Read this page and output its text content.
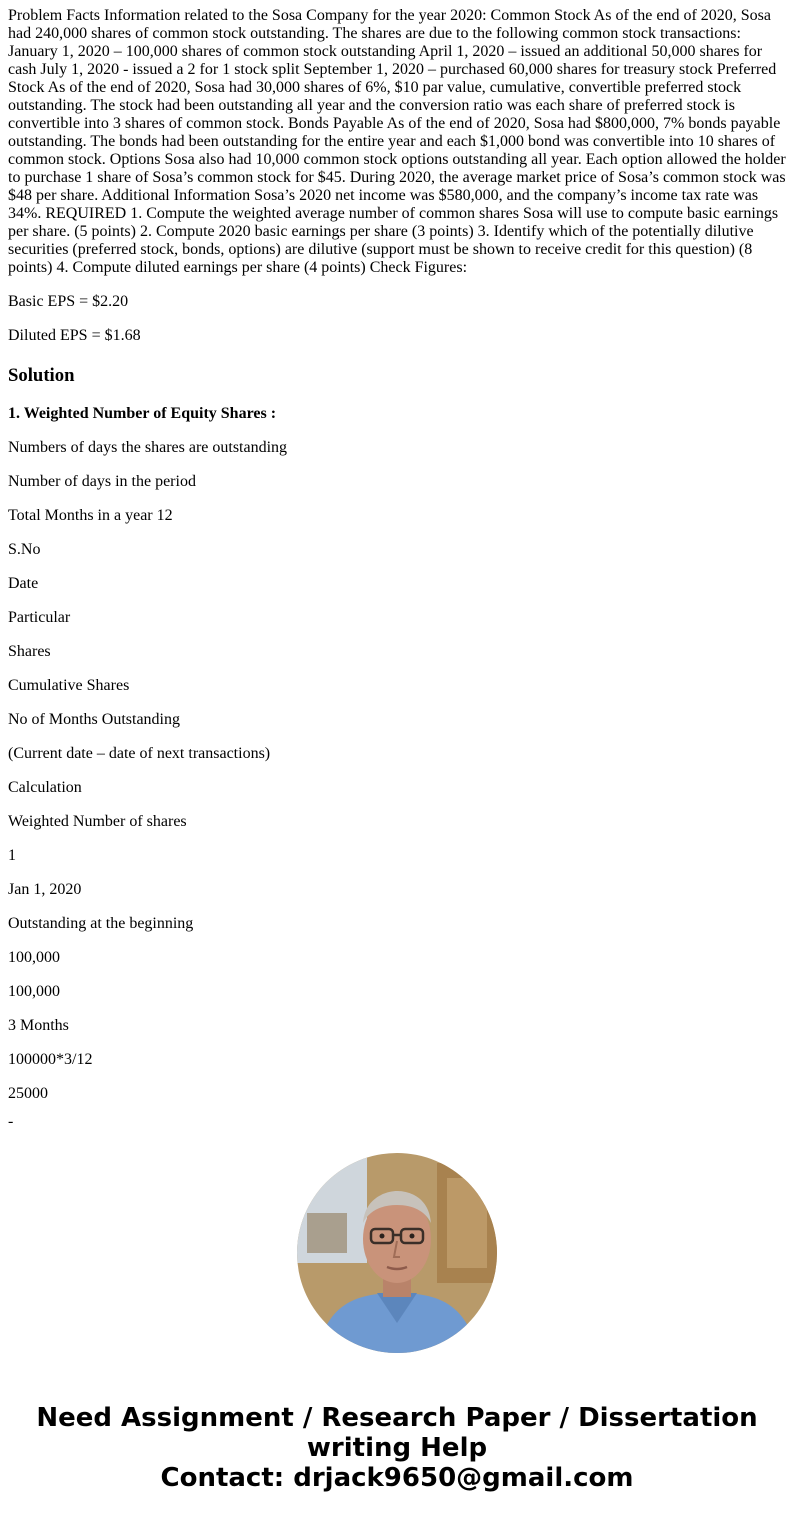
Problem Facts Information related to the Sosa Company for the year 2020: Common Stock As of the end of 2020, Sosa had 240,000 shares of common stock outstanding. The shares are due to the following common stock transactions: January 1, 2020 – 100,000 shares of common stock outstanding April 1, 2020 – issued an additional 50,000 shares for cash July 1, 2020 - issued a 2 for 1 stock split September 1, 2020 – purchased 60,000 shares for treasury stock Preferred Stock As of the end of 2020, Sosa had 30,000 shares of 6%, $10 par value, cumulative, convertible preferred stock outstanding. The stock had been outstanding all year and the conversion ratio was each share of preferred stock is convertible into 3 shares of common stock. Bonds Payable As of the end of 2020, Sosa had $800,000, 7% bonds payable outstanding. The bonds had been outstanding for the entire year and each $1,000 bond was convertible into 10 shares of common stock. Options Sosa also had 10,000 common stock options outstanding all year. Each option allowed the holder to purchase 1 share of Sosa’s common stock for $45. During 2020, the average market price of Sosa’s common stock was $48 per share. Additional Information Sosa’s 2020 net income was $580,000, and the company’s income tax rate was 34%. REQUIRED 1. Compute the weighted average number of common shares Sosa will use to compute basic earnings per share. (5 points) 2. Compute 2020 basic earnings per share (3 points) 3. Identify which of the potentially dilutive securities (preferred stock, bonds, options) are dilutive (support must be shown to receive credit for this question) (8 points) 4. Compute diluted earnings per share (4 points) Check Figures:

Basic EPS = $2.20

Diluted EPS = $1.68

Solution

1. Weighted Number of Equity Shares :

Numbers of days the shares are outstanding

Number of days in the period

Total Months in a year 12

S.No

Date

Particular

Shares

Cumulative Shares

No of Months Outstanding

(Current date – date of next transactions)

Calculation

Weighted Number of shares

1

Jan 1, 2020

Outstanding at the beginning

100,000

100,000

3 Months

100000*3/12

25000

-
Need Assignment / Research Paper / Dissertation
writing Help
Contact: drjack9650@gmail.com
